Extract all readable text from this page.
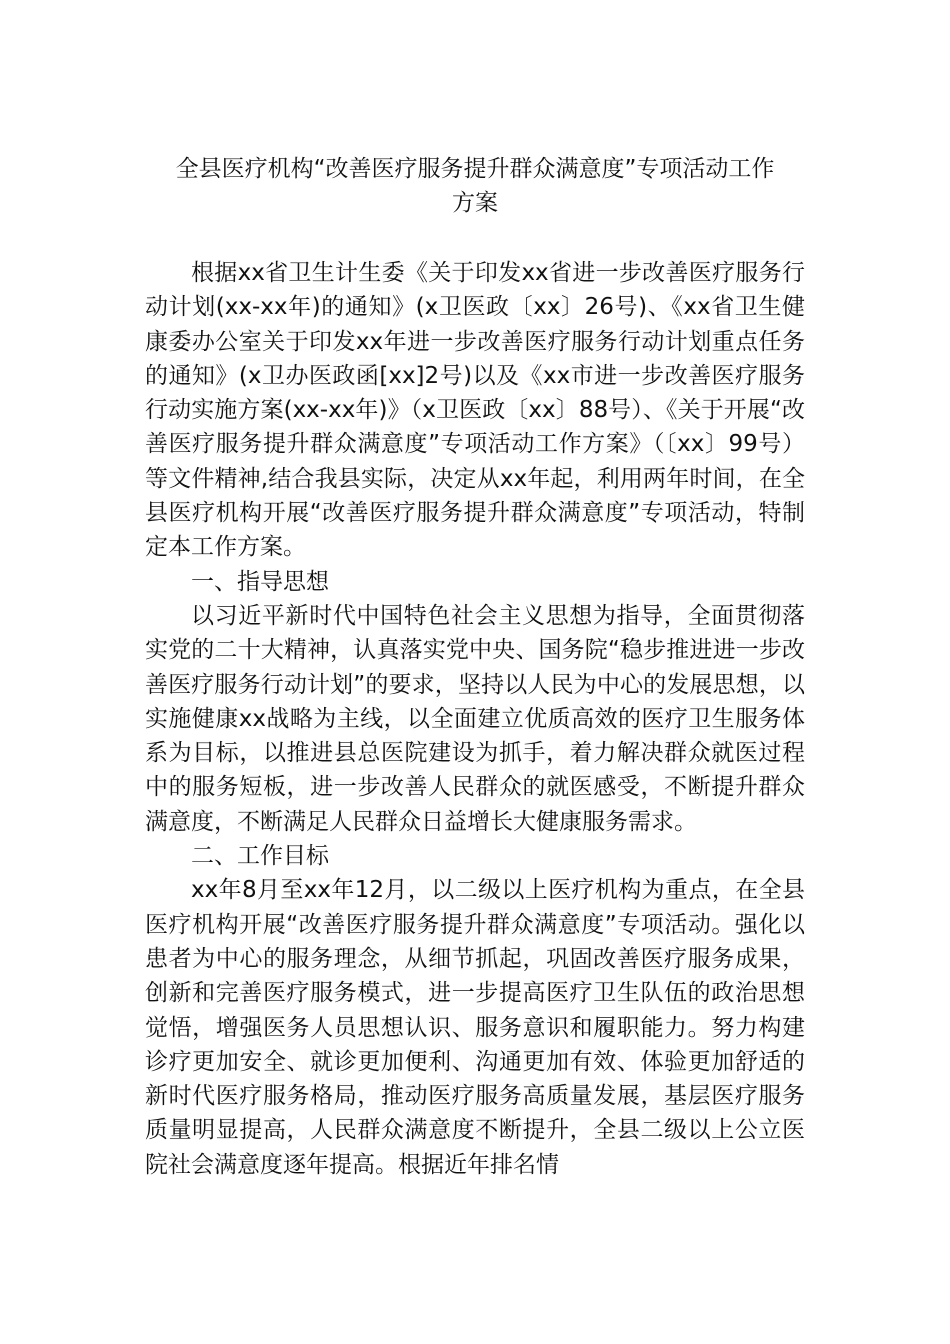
全县医疗机构“改善医疗服务提升群众满意度”专项活动工作
方案

根据xx省卫生计生委《关于印发xx省进一步改善医疗服务行动计划(xx-xx年)的通知》(x卫医政〔xx〕26号)、《xx省卫生健康委办公室关于印发xx年进一步改善医疗服务行动计划重点任务的通知》(x卫办医政函[xx]2号)以及《xx市进一步改善医疗服务行动实施方案(xx-xx年)》（x卫医政〔xx〕88号）、《关于开展“改善医疗服务提升群众满意度”专项活动工作方案》（〔xx〕99号）等文件精神,结合我县实际，决定从xx年起，利用两年时间，在全县医疗机构开展“改善医疗服务提升群众满意度”专项活动，特制定本工作方案。

一、指导思想

以习近平新时代中国特色社会主义思想为指导，全面贯彻落实党的二十大精神，认真落实党中央、国务院“稳步推进进一步改善医疗服务行动计划”的要求，坚持以人民为中心的发展思想，以实施健康xx战略为主线，以全面建立优质高效的医疗卫生服务体系为目标，以推进县总医院建设为抓手，着力解决群众就医过程中的服务短板，进一步改善人民群众的就医感受，不断提升群众满意度，不断满足人民群众日益增长大健康服务需求。

二、工作目标

xx年8月至xx年12月，以二级以上医疗机构为重点，在全县医疗机构开展“改善医疗服务提升群众满意度”专项活动。强化以患者为中心的服务理念，从细节抓起，巩固改善医疗服务成果，创新和完善医疗服务模式，进一步提高医疗卫生队伍的政治思想觉悟，增强医务人员思想认识、服务意识和履职能力。努力构建诊疗更加安全、就诊更加便利、沟通更加有效、体验更加舒适的新时代医疗服务格局，推动医疗服务高质量发展，基层医疗服务质量明显提高，人民群众满意度不断提升，全县二级以上公立医院社会满意度逐年提高。根据近年排名情
